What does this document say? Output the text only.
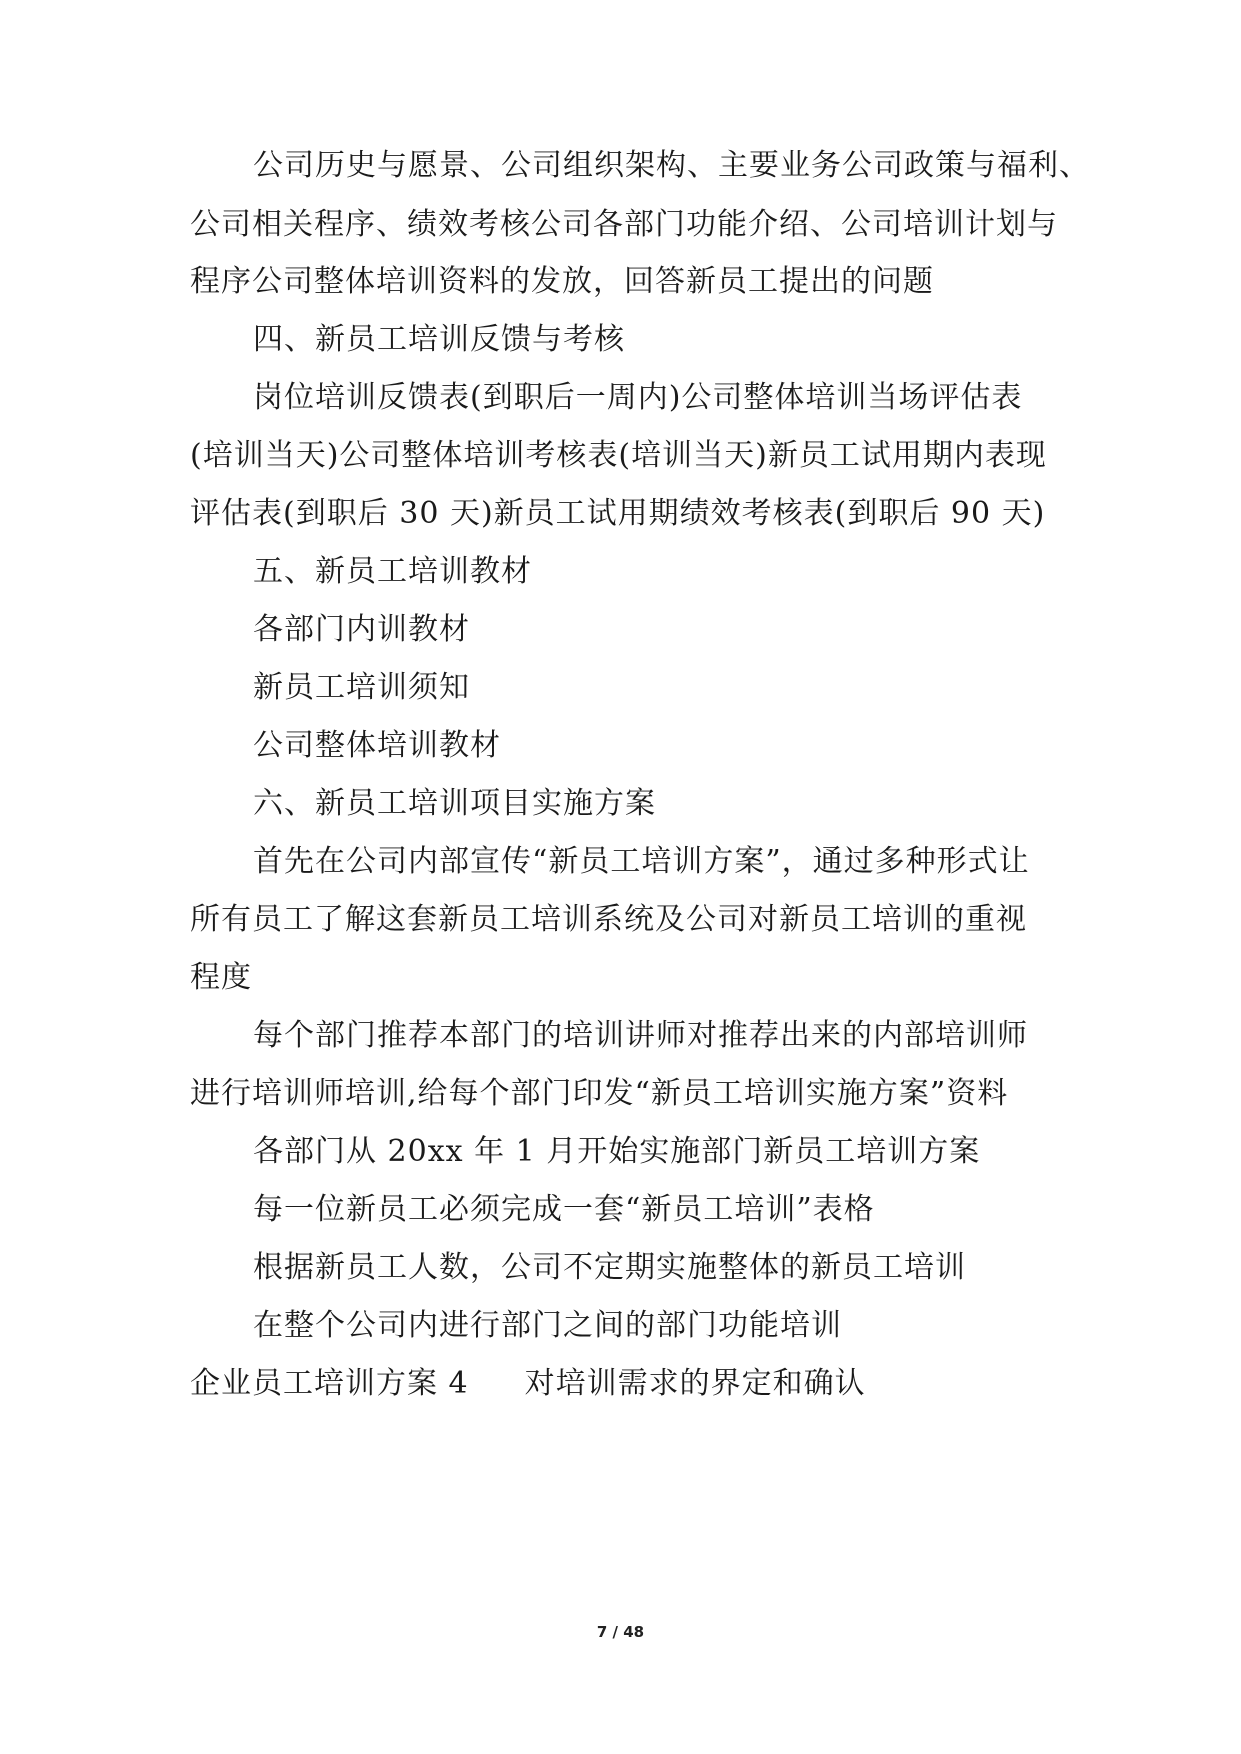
公司历史与愿景、公司组织架构、主要业务公司政策与福利、
公司相关程序、绩效考核公司各部门功能介绍、公司培训计划与
程序公司整体培训资料的发放，回答新员工提出的问题
四、新员工培训反馈与考核
岗位培训反馈表(到职后一周内)公司整体培训当场评估表
(培训当天)公司整体培训考核表(培训当天)新员工试用期内表现
评估表(到职后 30 天)新员工试用期绩效考核表(到职后 90 天)
五、新员工培训教材
各部门内训教材
新员工培训须知
公司整体培训教材
六、新员工培训项目实施方案
首先在公司内部宣传“新员工培训方案”，通过多种形式让
所有员工了解这套新员工培训系统及公司对新员工培训的重视
程度
每个部门推荐本部门的培训讲师对推荐出来的内部培训师
进行培训师培训,给每个部门印发“新员工培训实施方案”资料
各部门从 20xx 年 1 月开始实施部门新员工培训方案
每一位新员工必须完成一套“新员工培训”表格
根据新员工人数，公司不定期实施整体的新员工培训
在整个公司内进行部门之间的部门功能培训
企业员工培训方案 4 对培训需求的界定和确认
7 / 48
